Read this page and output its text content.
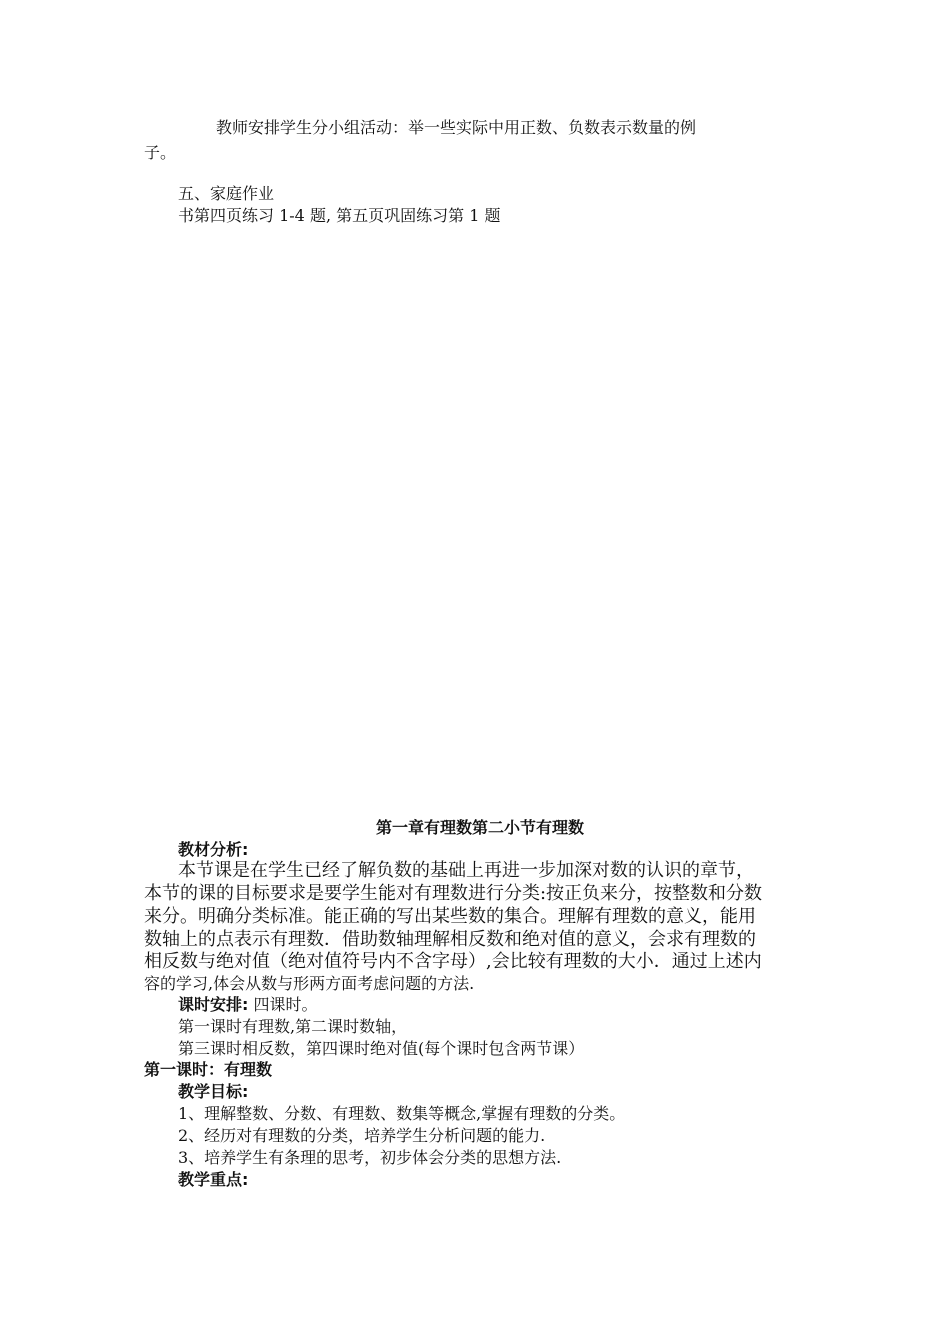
教师安排学生分小组活动：举一些实际中用正数、负数表示数量的例

子。

五、家庭作业

书第四页练习 1-4 题, 第五页巩固练习第 1 题

第一章有理数第二小节有理数

教材分析:

本节课是在学生已经了解负数的基础上再进一步加深对数的认识的章节，

本节的课的目标要求是要学生能对有理数进行分类:按正负来分，按整数和分数

来分。明确分类标准。能正确的写出某些数的集合。理解有理数的意义，能用

数轴上的点表示有理数．借助数轴理解相反数和绝对值的意义，会求有理数的

相反数与绝对值（绝对值符号内不含字母）,会比较有理数的大小．通过上述内

容的学习,体会从数与形两方面考虑问题的方法.

课时安排: 四课时。

第一课时有理数,第二课时数轴，

第三课时相反数，第四课时绝对值(每个课时包含两节课）

第一课时：有理数

教学目标:

1、理解整数、分数、有理数、数集等概念,掌握有理数的分类。

2、经历对有理数的分类，培养学生分析问题的能力.

3、培养学生有条理的思考，初步体会分类的思想方法.

教学重点:
